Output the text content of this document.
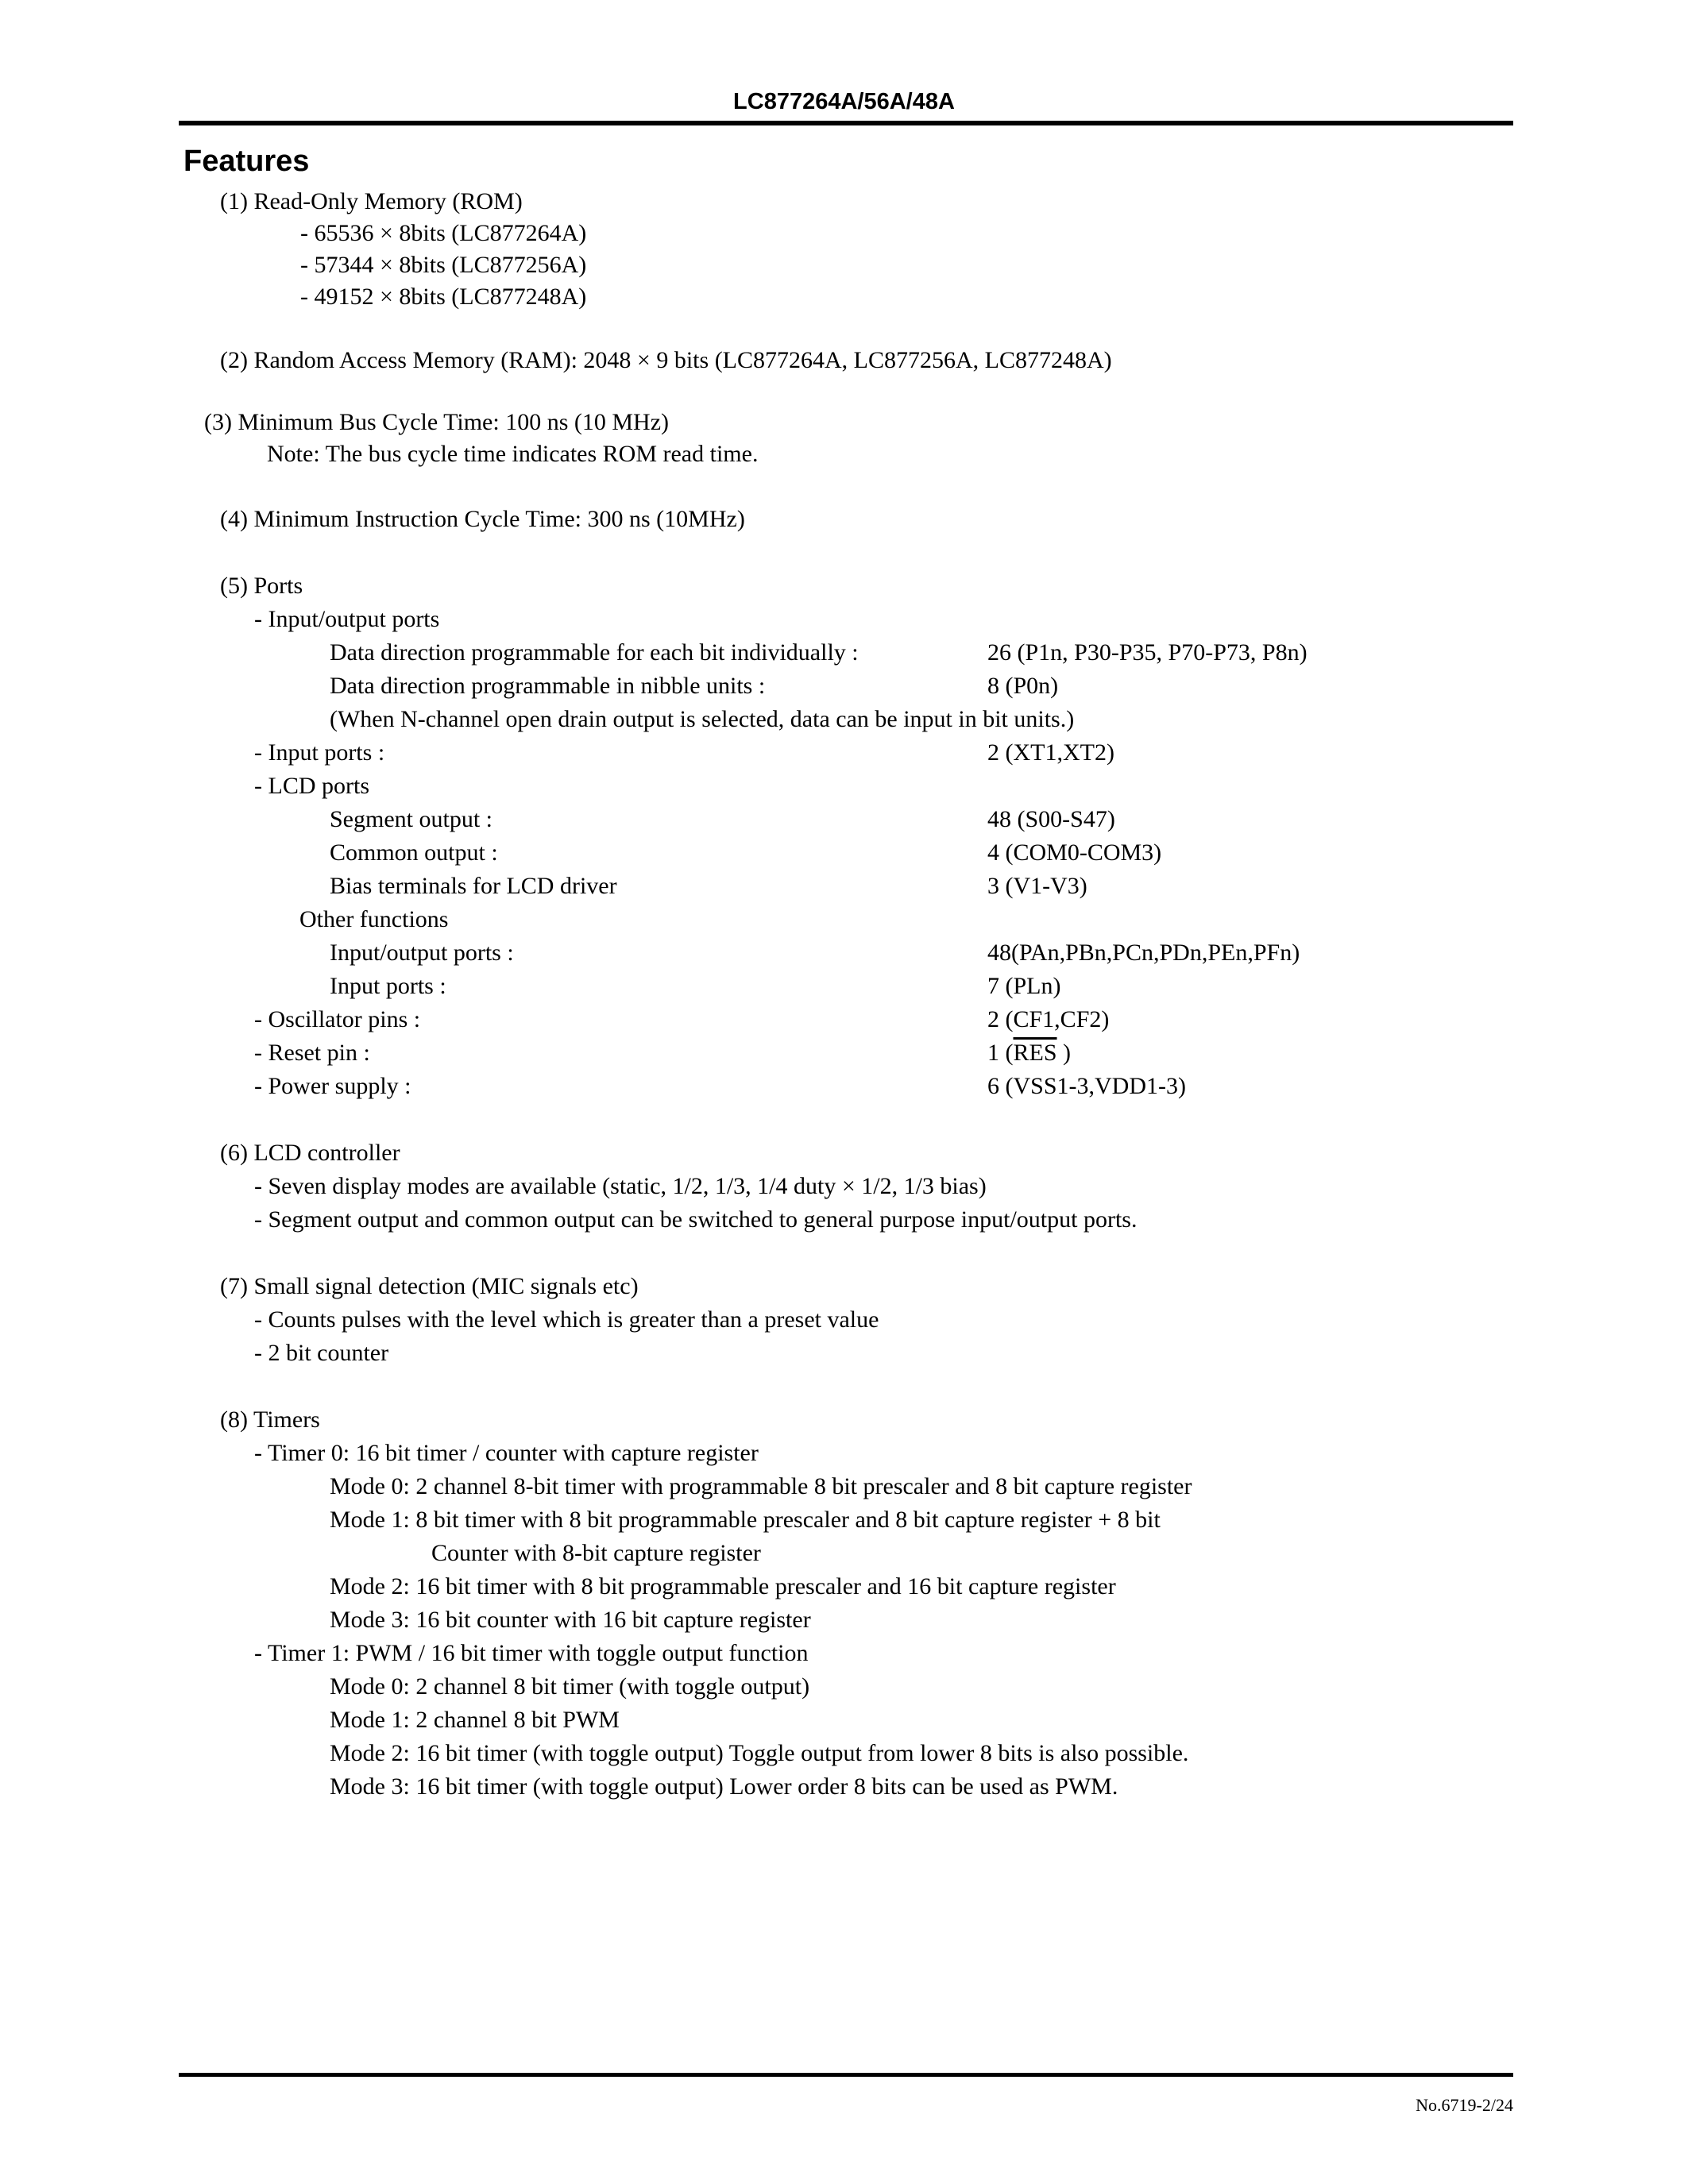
LC877264A/56A/48A
Features
(1) Read-Only Memory (ROM)
- 65536 × 8bits (LC877264A)
- 57344 × 8bits (LC877256A)
- 49152 × 8bits (LC877248A)
(2) Random Access Memory (RAM): 2048 × 9 bits (LC877264A, LC877256A, LC877248A)
(3) Minimum Bus Cycle Time: 100 ns (10 MHz)
Note: The bus cycle time indicates ROM read time.
(4) Minimum Instruction Cycle Time: 300 ns (10MHz)
(5) Ports
- Input/output ports
Data direction programmable for each bit individually :	26 (P1n, P30-P35, P70-P73, P8n)
Data direction programmable in nibble units :	8 (P0n)
(When N-channel open drain output is selected, data can be input in bit units.)
- Input ports :	2 (XT1,XT2)
- LCD ports
Segment output :	48 (S00-S47)
Common output :	4 (COM0-COM3)
Bias terminals for LCD driver	3 (V1-V3)
Other functions
Input/output ports :	48(PAn,PBn,PCn,PDn,PEn,PFn)
Input ports :	7 (PLn)
- Oscillator pins :	2 (CF1,CF2)
- Reset pin :	1 ($\overline{RES}$ )
- Power supply :	6 (VSS1-3,VDD1-3)
(6) LCD controller
- Seven display modes are available (static, 1/2, 1/3, 1/4 duty × 1/2, 1/3 bias)
- Segment output and common output can be switched to general purpose input/output ports.
(7) Small signal detection (MIC signals etc)
- Counts pulses with the level which is greater than a preset value
- 2 bit counter
(8) Timers
- Timer 0: 16 bit timer / counter with capture register
Mode 0: 2 channel 8-bit timer with programmable 8 bit prescaler and 8 bit capture register
Mode 1: 8 bit timer with 8 bit programmable prescaler and 8 bit capture register + 8 bit
Counter with 8-bit capture register
Mode 2: 16 bit timer with 8 bit programmable prescaler and 16 bit capture register
Mode 3: 16 bit counter with 16 bit capture register
- Timer 1: PWM / 16 bit timer with toggle output function
Mode 0: 2 channel 8 bit timer (with toggle output)
Mode 1: 2 channel 8 bit PWM
Mode 2: 16 bit timer (with toggle output) Toggle output from lower 8 bits is also possible.
Mode 3: 16 bit timer (with toggle output) Lower order 8 bits can be used as PWM.
No.6719-2/24
